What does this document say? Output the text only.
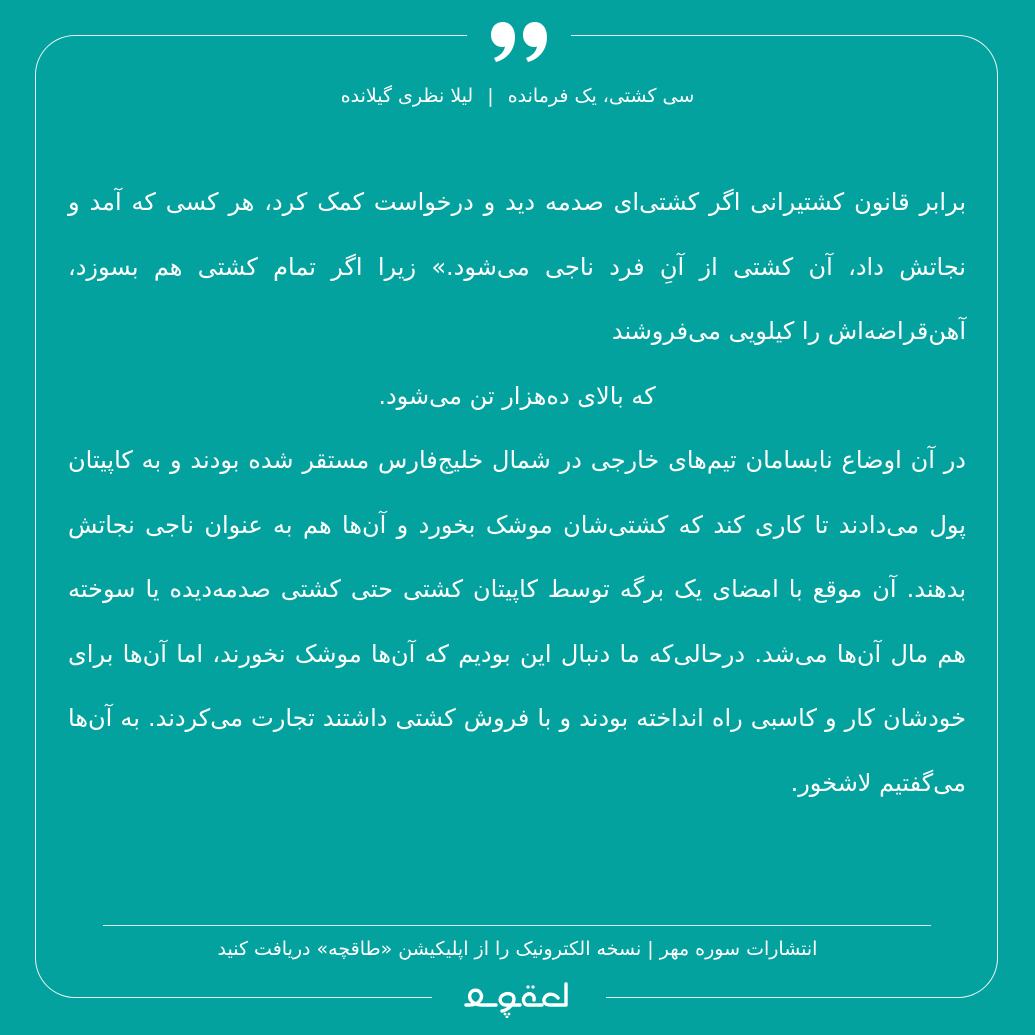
سی کشتی، یک فرمانده | لیلا نظری گیلانده

برابر قانون کشتیرانی اگر کشتی‌ای صدمه دید و درخواست کمک کرد، هر کسی که آمد و نجاتش داد، آن کشتی از آنِ فرد ناجی می‌شود.» زیرا اگر تمام کشتی هم بسوزد، آهن‌قراضه‌اش را کیلویی می‌فروشند

که بالای ده‌هزار تن می‌شود.

در آن اوضاع نابسامان تیم‌های خارجی در شمال خلیج‌فارس مستقر شده بودند و به کاپیتان پول می‌دادند تا کاری کند که کشتی‌شان موشک بخورد و آن‌ها هم به عنوان ناجی نجاتش بدهند. آن موقع با امضای یک برگه توسط کاپیتان کشتی حتی کشتی صدمه‌دیده یا سوخته هم مال آن‌ها می‌شد. درحالی‌که ما دنبال این بودیم که آن‌ها موشک نخورند، اما آن‌ها برای خودشان کار و کاسبی راه انداخته بودند و با فروش کشتی داشتند تجارت می‌کردند. به آن‌ها می‌گفتیم لاشخور.

انتشارات سوره مهر | نسخه الکترونیک را از اپلیکیشن «طاقچه» دریافت کنید
